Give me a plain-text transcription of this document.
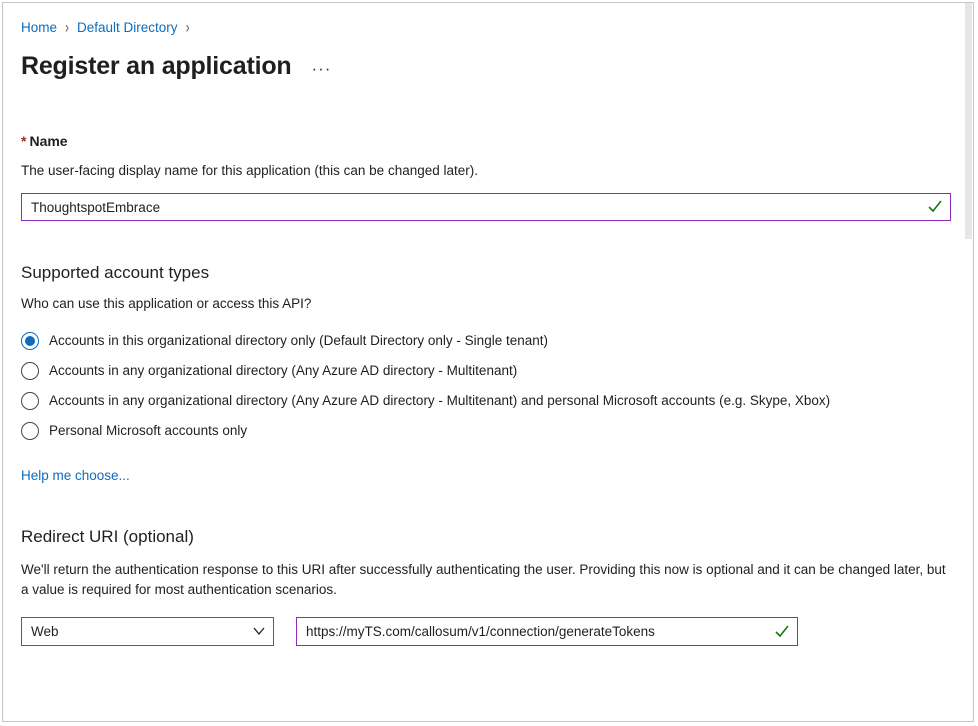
Home › Default Directory ›
Register an application ···
* Name
The user-facing display name for this application (this can be changed later).
ThoughtspotEmbrace
Supported account types
Who can use this application or access this API?
Accounts in this organizational directory only (Default Directory only - Single tenant)
Accounts in any organizational directory (Any Azure AD directory - Multitenant)
Accounts in any organizational directory (Any Azure AD directory - Multitenant) and personal Microsoft accounts (e.g. Skype, Xbox)
Personal Microsoft accounts only
Help me choose...
Redirect URI (optional)
We'll return the authentication response to this URI after successfully authenticating the user. Providing this now is optional and it can be changed later, but a value is required for most authentication scenarios.
Web
https://myTS.com/callosum/v1/connection/generateTokens
